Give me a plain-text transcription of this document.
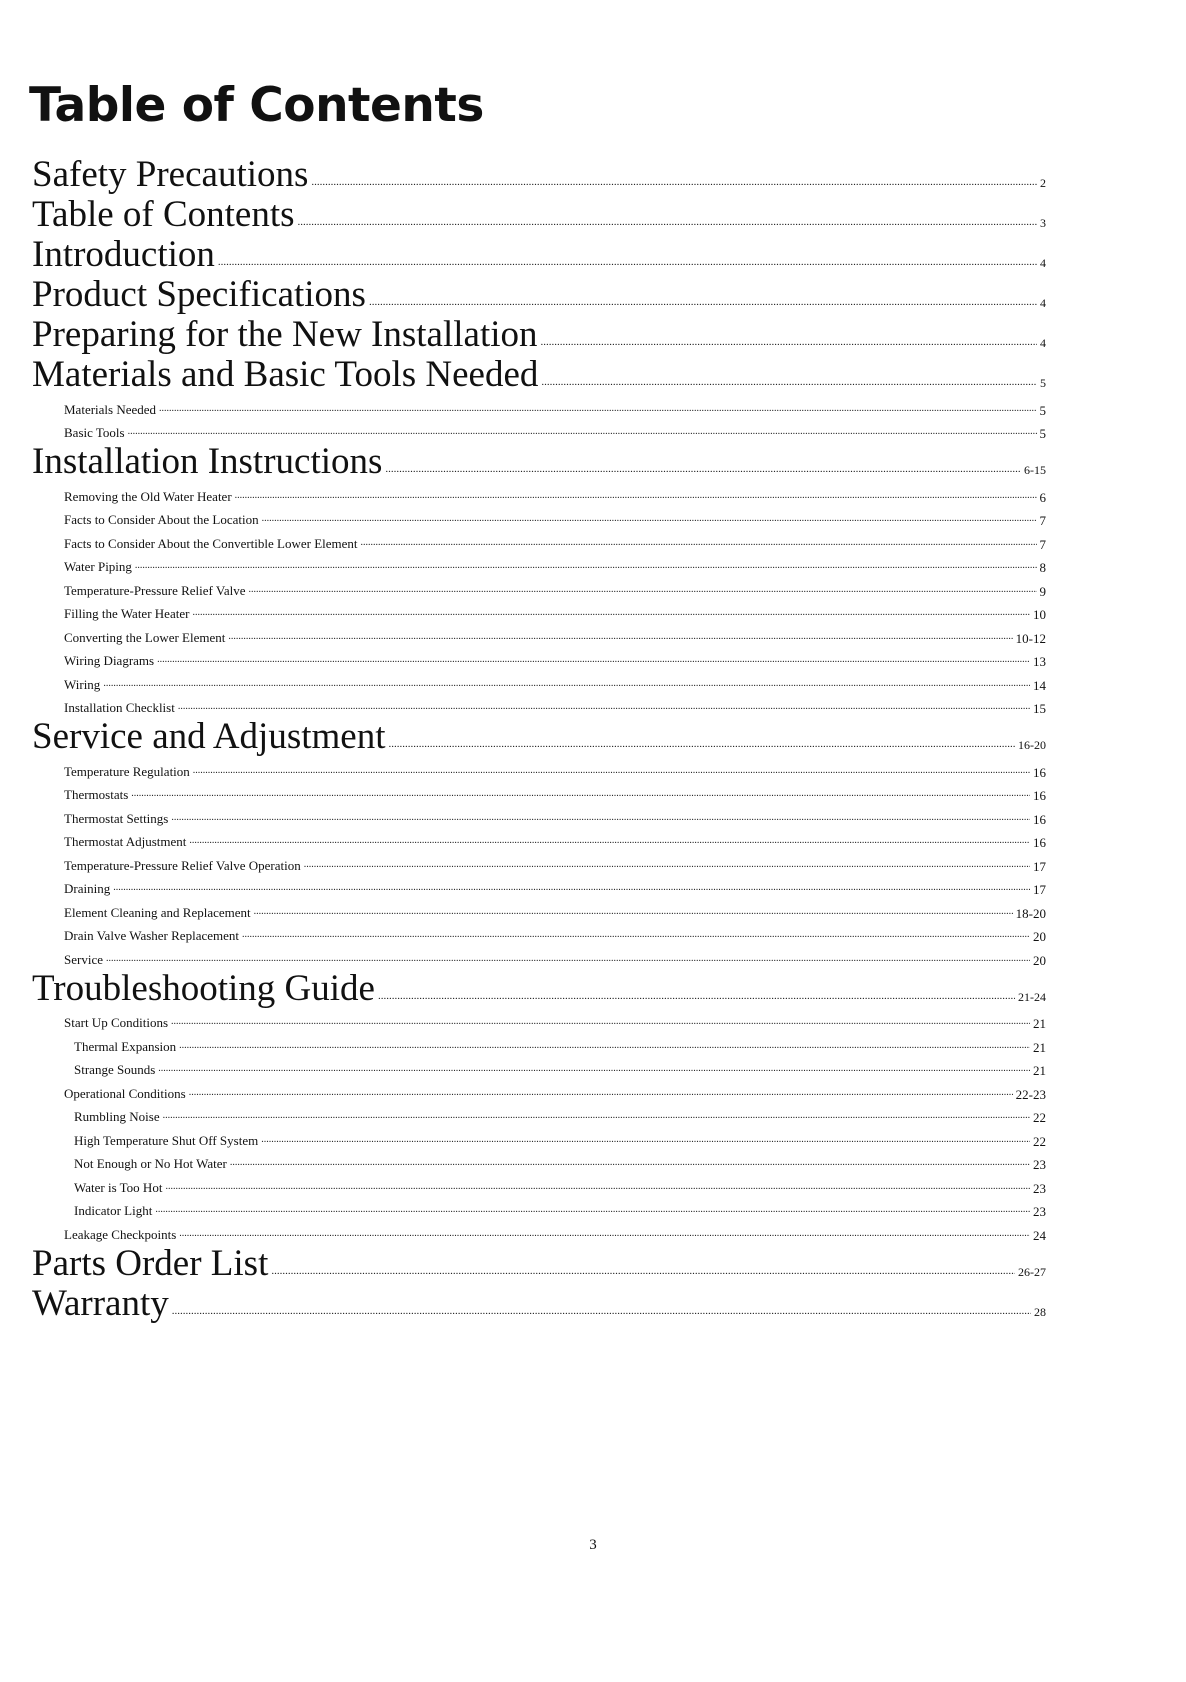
Table of Contents
Safety Precautions .....	2
Table of Contents .....	3
Introduction .....	4
Product Specifications .....	4
Preparing for the New Installation .....	4
Materials and Basic Tools Needed .....	5
Materials Needed .....	5
Basic Tools .....	5
Installation Instructions .....	6-15
Removing the Old Water Heater .....	6
Facts to Consider About the Location .....	7
Facts to Consider About the Convertible Lower Element .....	7
Water Piping .....	8
Temperature-Pressure Relief Valve .....	9
Filling the Water Heater .....	10
Converting the Lower Element .....	10-12
Wiring Diagrams .....	13
Wiring .....	14
Installation Checklist .....	15
Service and Adjustment .....	16-20
Temperature Regulation .....	16
Thermostats .....	16
Thermostat Settings .....	16
Thermostat Adjustment .....	16
Temperature-Pressure Relief Valve Operation .....	17
Draining .....	17
Element Cleaning and Replacement .....	18-20
Drain Valve Washer Replacement .....	20
Service .....	20
Troubleshooting Guide .....	21-24
Start Up Conditions .....	21
Thermal Expansion .....	21
Strange Sounds .....	21
Operational Conditions .....	22-23
Rumbling Noise .....	22
High Temperature Shut Off System .....	22
Not Enough or No Hot Water .....	23
Water is Too Hot .....	23
Indicator Light .....	23
Leakage Checkpoints .....	24
Parts Order List .....	26-27
Warranty .....	28
3
